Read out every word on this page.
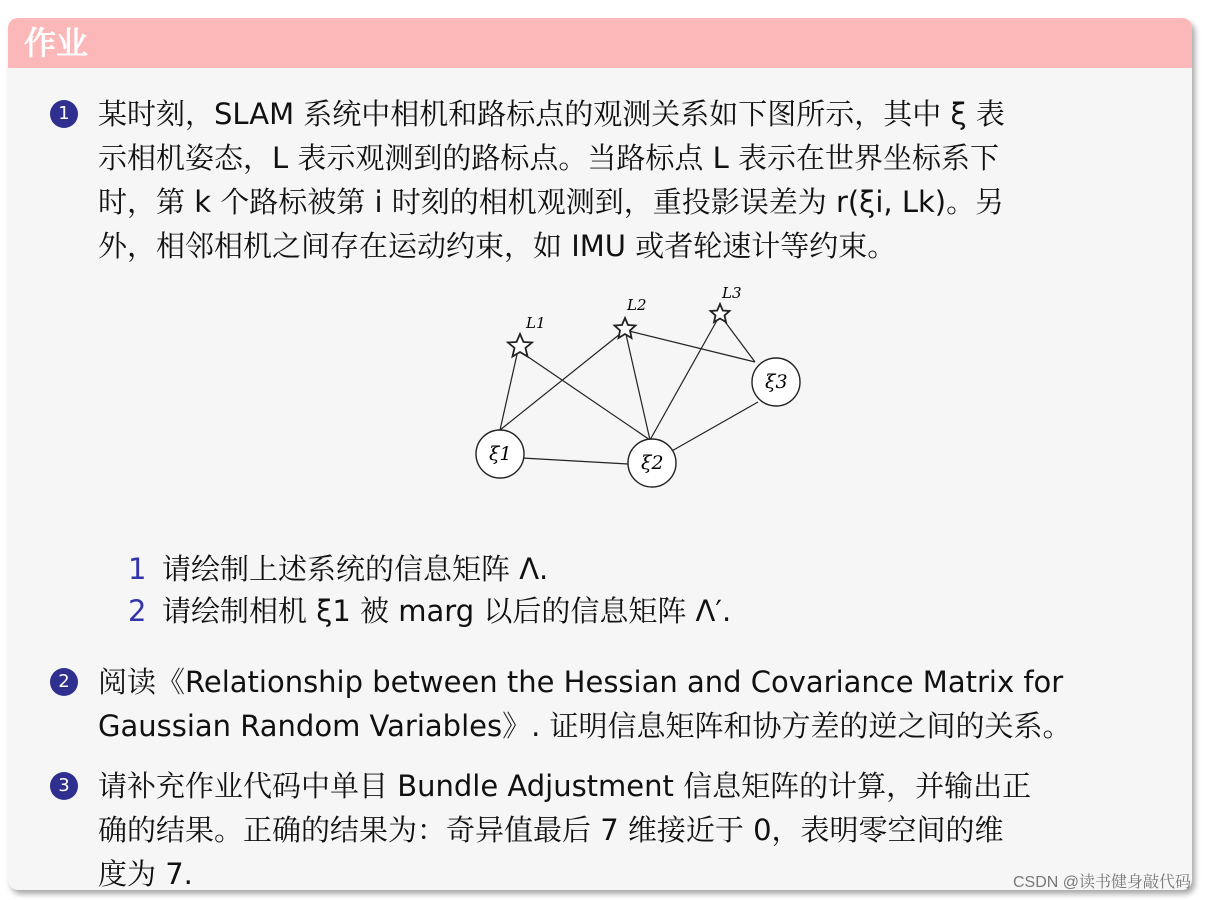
作业
1 某时刻，SLAM 系统中相机和路标点的观测关系如下图所示，其中 ξ 表
示相机姿态，L 表示观测到的路标点。当路标点 L 表示在世界坐标系下
时，第 k 个路标被第 i 时刻的相机观测到，重投影误差为 r(ξi, Lk)。另
外，相邻相机之间存在运动约束，如 IMU 或者轮速计等约束。
L1
L2
L3
ξ1	ξ2
ξ3
1 请绘制上述系统的信息矩阵 Λ.
2 请绘制相机 ξ1 被 marg 以后的信息矩阵 Λ′.
2 阅读《Relationship between the Hessian and Covariance Matrix for
Gaussian Random Variables》. 证明信息矩阵和协方差的逆之间的关系。
3 请补充作业代码中单目 Bundle Adjustment 信息矩阵的计算，并输出正
确的结果。正确的结果为：奇异值最后 7 维接近于 0，表明零空间的维
度为 7.	CSDN @读书健身敲代码
